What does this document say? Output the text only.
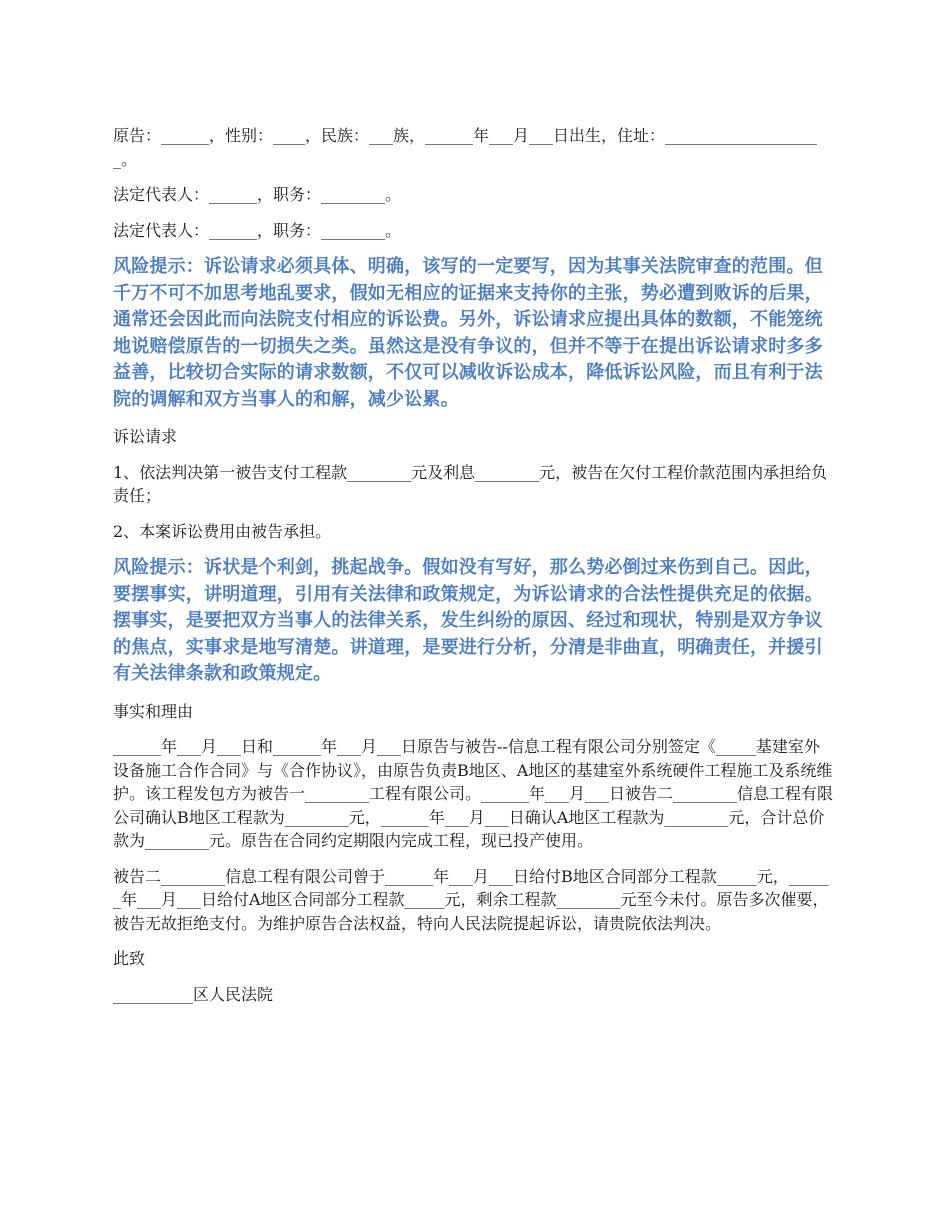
原告：______，性别：____，民族：___族，______年___月___日出生，住址：____________________。

法定代表人：______，职务：________。

法定代表人：______，职务：________。

风险提示：诉讼请求必须具体、明确，该写的一定要写，因为其事关法院审查的范围。但千万不可不加思考地乱要求，假如无相应的证据来支持你的主张，势必遭到败诉的后果，通常还会因此而向法院支付相应的诉讼费。另外，诉讼请求应提出具体的数额，不能笼统地说赔偿原告的一切损失之类。虽然这是没有争议的，但并不等于在提出诉讼请求时多多益善，比较切合实际的请求数额，不仅可以减收诉讼成本，降低诉讼风险，而且有利于法院的调解和双方当事人的和解，减少讼累。

诉讼请求

1、依法判决第一被告支付工程款________元及利息________元，被告在欠付工程价款范围内承担给负责任；

2、本案诉讼费用由被告承担。

风险提示：诉状是个利剑，挑起战争。假如没有写好，那么势必倒过来伤到自己。因此，要摆事实，讲明道理，引用有关法律和政策规定，为诉讼请求的合法性提供充足的依据。摆事实，是要把双方当事人的法律关系，发生纠纷的原因、经过和现状，特别是双方争议的焦点，实事求是地写清楚。讲道理，是要进行分析，分清是非曲直，明确责任，并援引有关法律条款和政策规定。

事实和理由

______年___月___日和______年___月___日原告与被告--信息工程有限公司分别签定《_____基建室外设备施工合作合同》与《合作协议》，由原告负责B地区、A地区的基建室外系统硬件工程施工及系统维护。该工程发包方为被告一________工程有限公司。______年___月___日被告二________信息工程有限公司确认B地区工程款为________元，______年___月___日确认A地区工程款为________元，合计总价款为________元。原告在合同约定期限内完成工程，现已投产使用。

被告二________信息工程有限公司曾于______年___月___日给付B地区合同部分工程款_____元，______年___月___日给付A地区合同部分工程款_____元，剩余工程款________元至今未付。原告多次催要，被告无故拒绝支付。为维护原告合法权益，特向人民法院提起诉讼，请贵院依法判决。

此致

__________区人民法院
